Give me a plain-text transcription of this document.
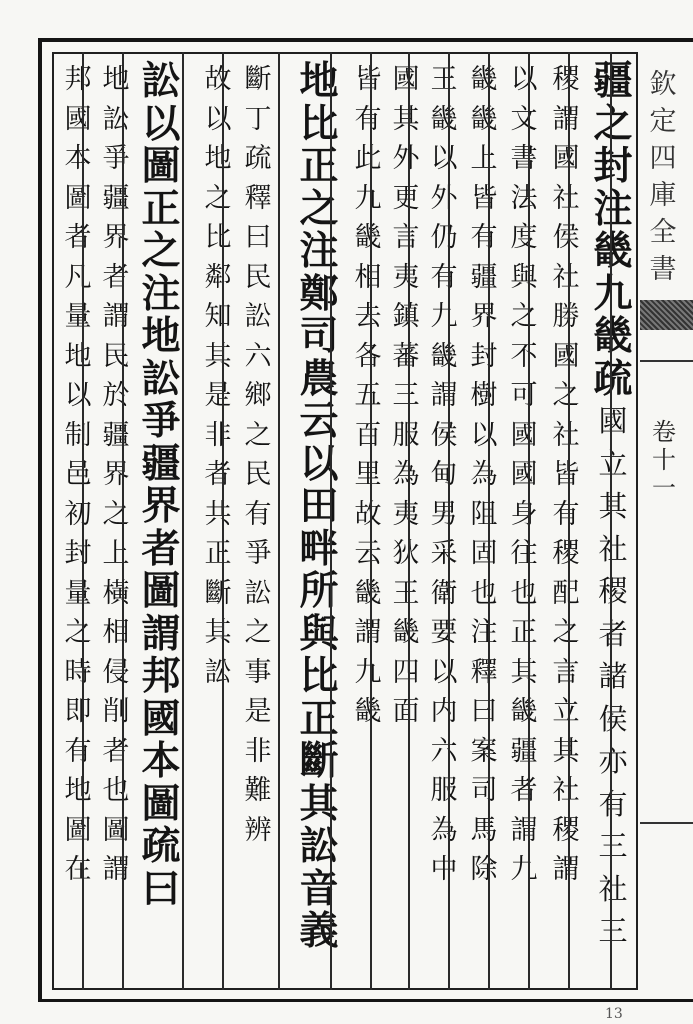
欽
定
四
庫
全
書
卷十一
13
疆
之
封
注
畿
九
畿
疏
國
立
其
社
稷
者
諸
侯
亦
有
三
社
三
稷
謂
國
社
侯
社
勝
國
之
社
皆
有
稷
配
之
言
立
其
社
稷
謂
以
文
書
法
度
與
之
不
可
國
國
身
往
也
正
其
畿
疆
者
謂
九
畿
畿
上
皆
有
疆
界
封
樹
以
為
阻
固
也
注
釋
曰
案
司
馬
除
王
畿
以
外
仍
有
九
畿
謂
侯
甸
男
采
衛
要
以
内
六
服
為
中
國
其
外
更
言
夷
鎮
蕃
三
服
為
夷
狄
王
畿
四
面
皆
有
此
九
畿
相
去
各
五
百
里
故
云
畿
謂
九
畿
地
比
正
之
注
鄭
司
農
云
以
田
畔
所
與
比
正
斷
其
訟
音
義
斷
丁
疏
釋
曰
民
訟
六
鄉
之
民
有
爭
訟
之
事
是
非
難
辨
故
以
地
之
比
鄰
知
其
是
非
者
共
正
斷
其
訟
訟
以
圖
正
之
注
地
訟
爭
疆
界
者
圖
謂
邦
國
本
圖
疏
曰
地
訟
爭
疆
界
者
謂
民
於
疆
界
之
上
橫
相
侵
削
者
也
圖
謂
邦
國
本
圖
者
凡
量
地
以
制
邑
初
封
量
之
時
即
有
地
圖
在
